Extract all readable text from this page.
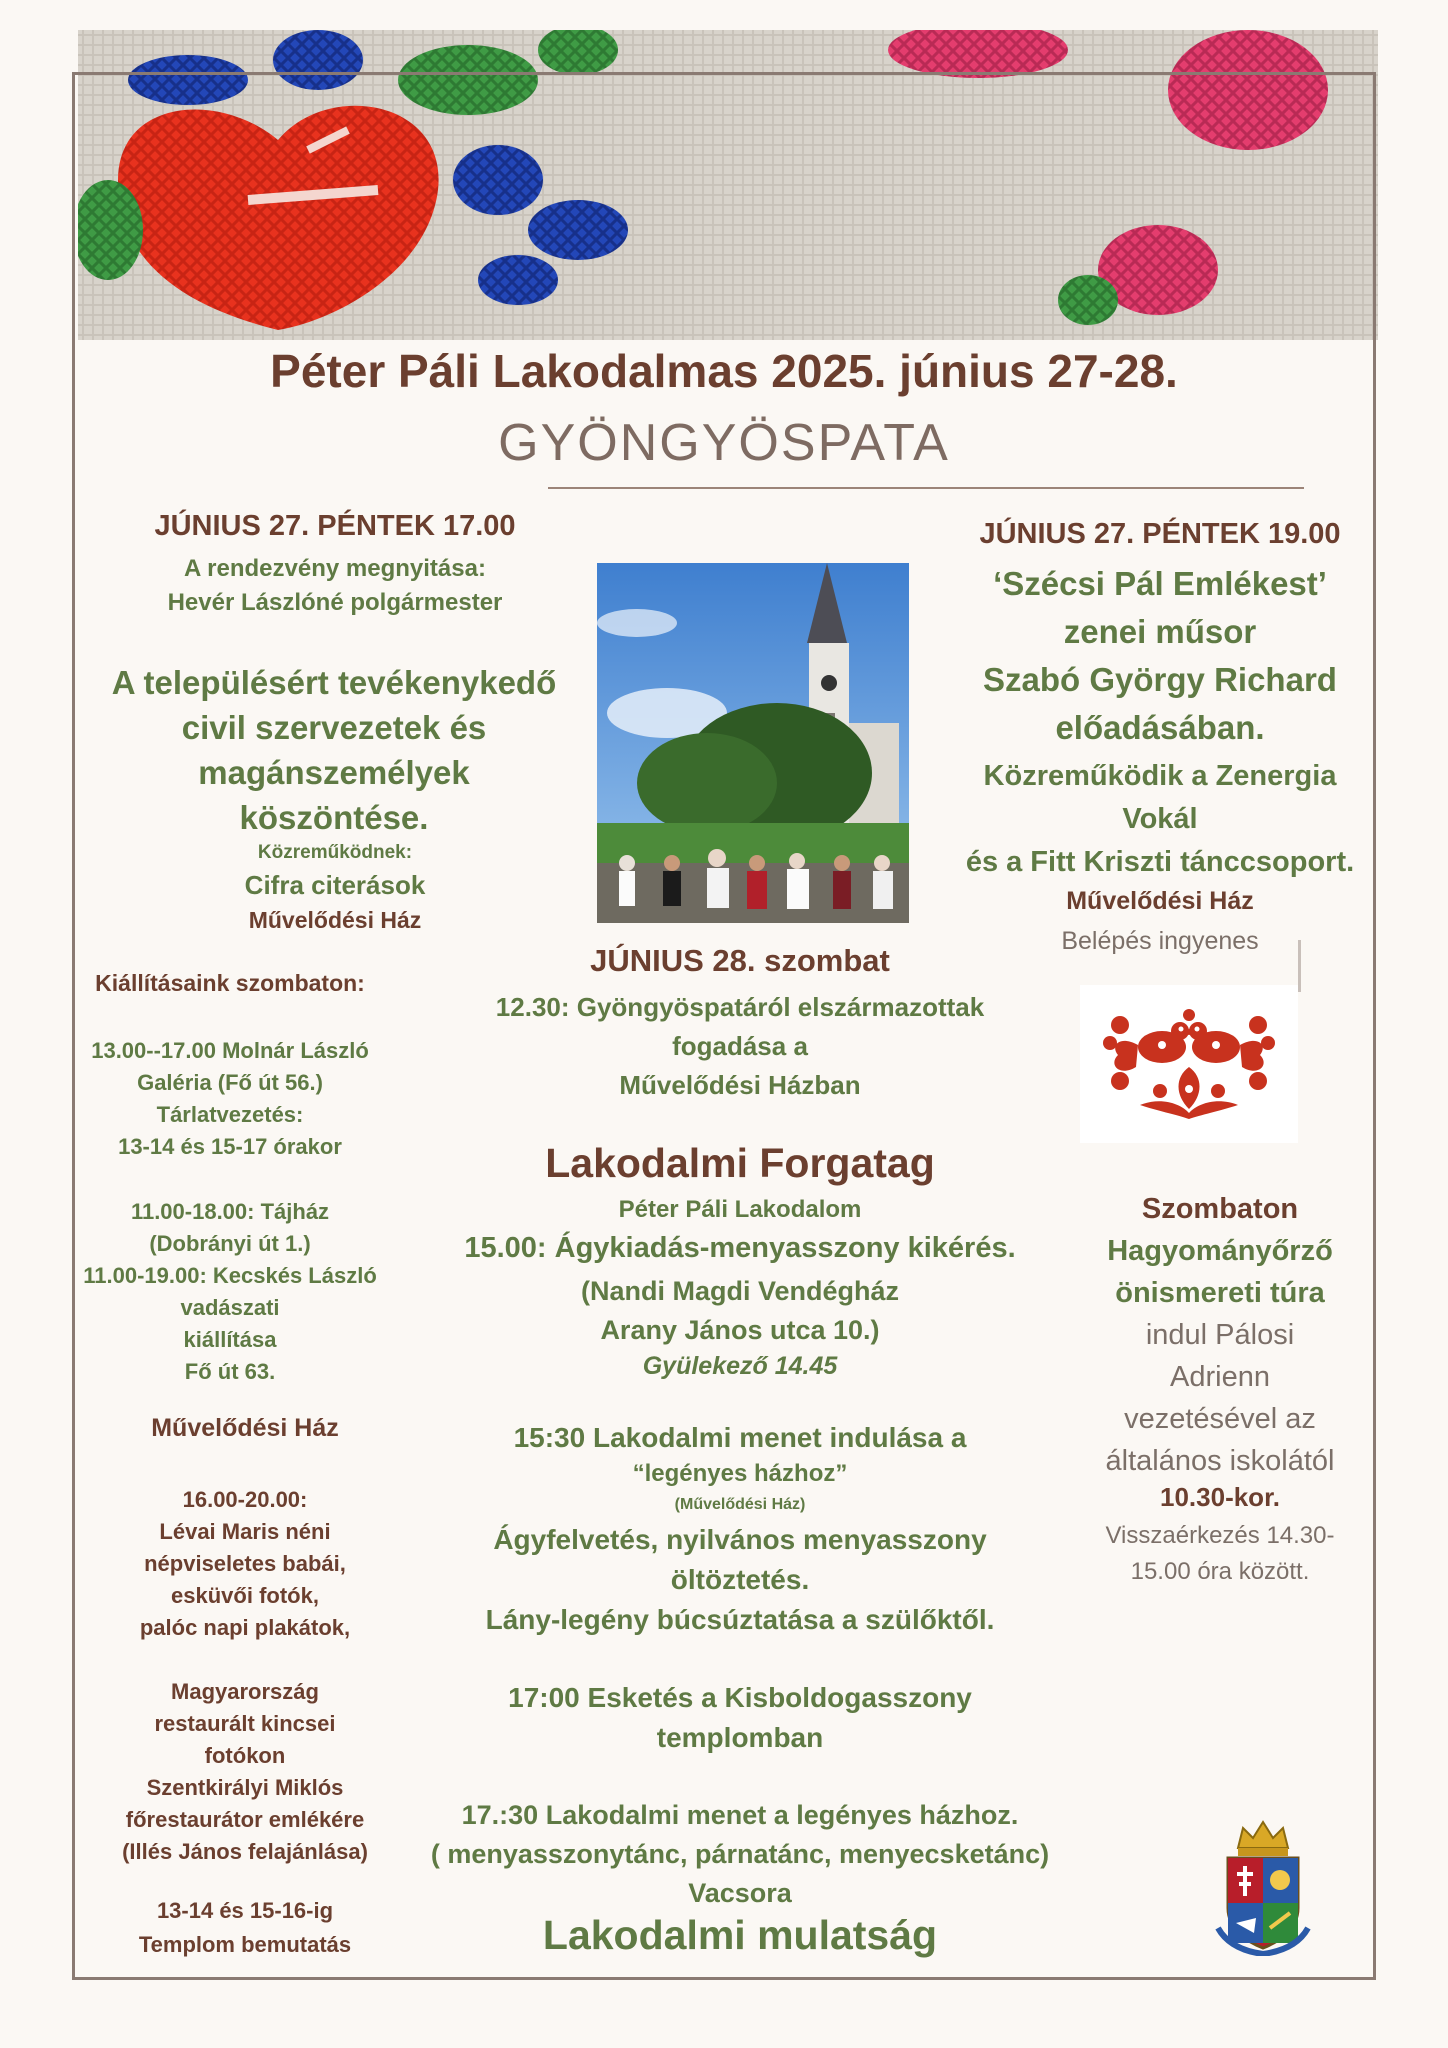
Péter Páli Lakodalmas 2025. június 27-28.
GYÖNGYÖSPATA
JÚNIUS 27. PÉNTEK 17.00
A rendezvény megnyitása:
Hevér Lászlóné polgármester
A településért tevékenykedő
civil szervezetek és
magánszemélyek
köszöntése.
Közreműködnek:
Cifra citerások
Művelődési Ház
Kiállításaink szombaton:
13.00--17.00 Molnár László
Galéria (Fő út 56.)
Tárlatvezetés:
13-14 és 15-17 órakor
11.00-18.00: Tájház
(Dobrányi út 1.)
11.00-19.00: Kecskés László
vadászati
kiállítása
Fő út 63.
Művelődési Ház
16.00-20.00:
Lévai Maris néni
népviseletes babái,
esküvői fotók,
palóc napi plakátok,
Magyarország
restaurált kincsei
fotókon
Szentkirályi Miklós
főrestaurátor emlékére
(Illés János felajánlása)
13-14 és 15-16-ig
Templom bemutatás
JÚNIUS 27. PÉNTEK 19.00
‘Szécsi Pál Emlékest’
zenei műsor
Szabó György Richard
előadásában.
Közreműködik a Zenergia
Vokál
és a Fitt Kriszti tánccsoport.
Művelődési Ház
Belépés ingyenes
Szombaton
Hagyományőrző
önismereti túra
indul Pálosi
Adrienn
vezetésével az
általános iskolától
10.30-kor.
Visszaérkezés 14.30-
15.00 óra között.
JÚNIUS 28. szombat
12.30: Gyöngyöspatáról elszármazottak
fogadása a
Művelődési Házban
Lakodalmi Forgatag
Péter Páli Lakodalom
15.00: Ágykiadás-menyasszony kikérés.
(Nandi Magdi Vendégház
Arany János utca 10.)
Gyülekező 14.45
15:30 Lakodalmi menet indulása a
“legényes házhoz”
(Művelődési Ház)
Ágyfelvetés, nyilvános menyasszony
öltöztetés.
Lány-legény búcsúztatása a szülőktől.
17:00 Esketés a Kisboldogasszony
templomban
17.:30 Lakodalmi menet a legényes házhoz.
( menyasszonytánc, párnatánc, menyecsketánc)
Vacsora
Lakodalmi mulatság
